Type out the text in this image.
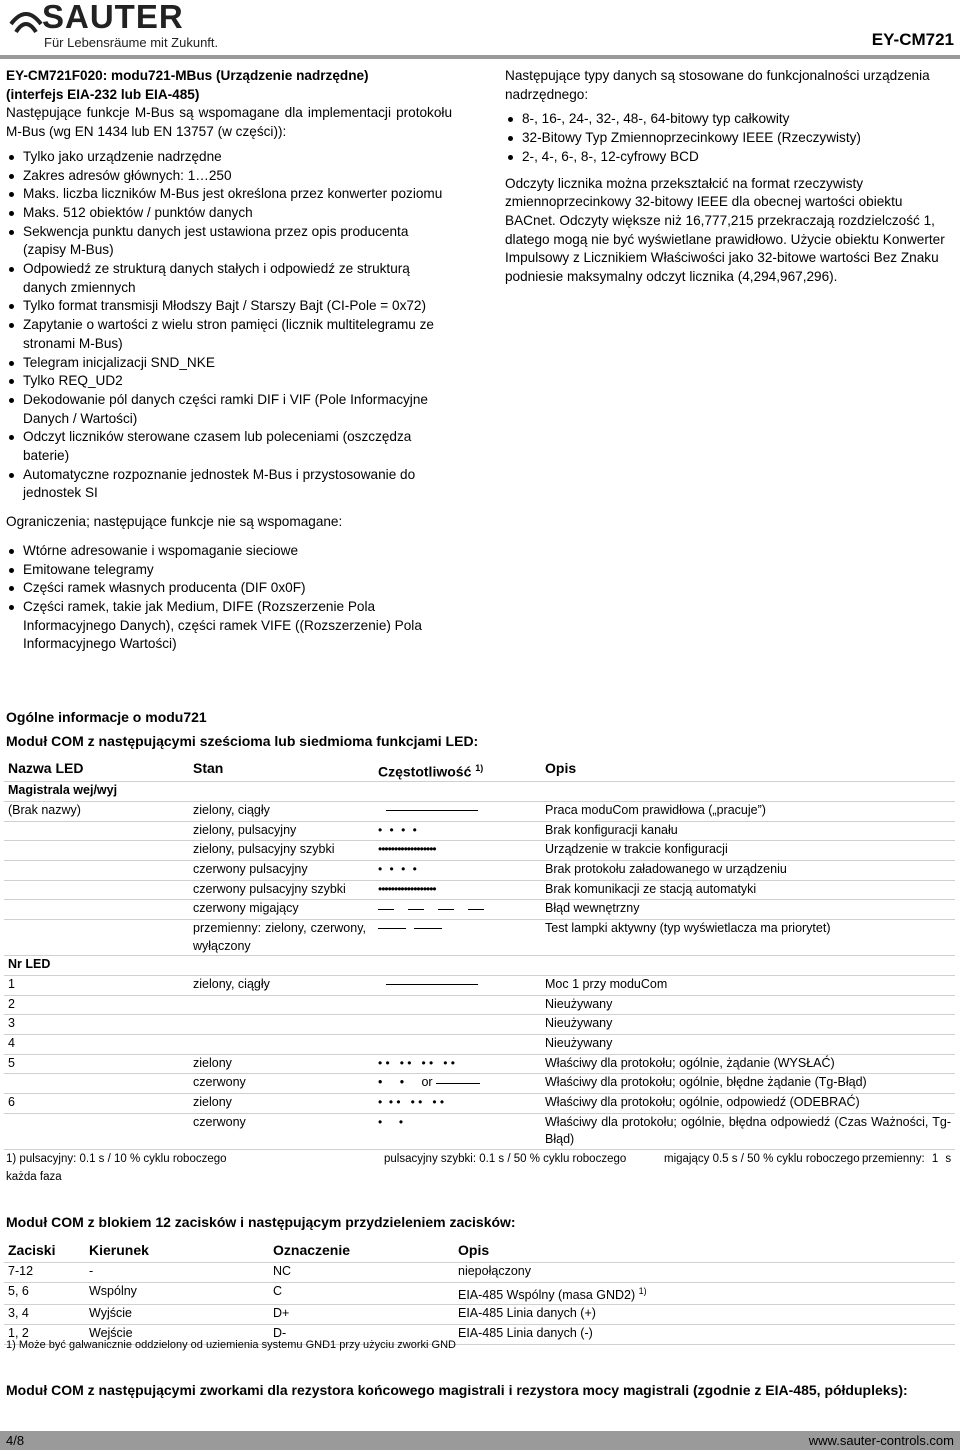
SAUTER
Für Lebensräume mit Zukunft.	EY-CM721

EY-CM721F020: modu721-MBus (Urządzenie nadrzędne)

(interfejs EIA-232 lub EIA-485)

Następujące funkcje M-Bus są wspomagane dla implementacji protokołu M-Bus (wg EN 1434 lub EN 13757 (w części)):

Tylko jako urządzenie nadrzędne
Zakres adresów głównych: 1…250
Maks. liczba liczników M-Bus jest określona przez konwerter poziomu
Maks. 512 obiektów / punktów danych
Sekwencja punktu danych jest ustawiona przez opis producenta (zapisy M-Bus)
Odpowiedź ze strukturą danych stałych i odpowiedź ze strukturą danych zmiennych
Tylko format transmisji Młodszy Bajt / Starszy Bajt (CI-Pole = 0x72)
Zapytanie o wartości z wielu stron pamięci (licznik multitelegramu ze stronami M-Bus)
Telegram inicjalizacji SND_NKE
Tylko REQ_UD2
Dekodowanie pól danych części ramki DIF i VIF (Pole Informacyjne Danych / Wartości)
Odczyt liczników sterowane czasem lub poleceniami (oszczędza baterie)
Automatyczne rozpoznanie jednostek M-Bus i przystosowanie do jednostek SI

Ograniczenia; następujące funkcje nie są wspomagane:

Wtórne adresowanie i wspomaganie sieciowe
Emitowane telegramy
Części ramek własnych producenta (DIF 0x0F)
Części ramek, takie jak Medium, DIFE (Rozszerzenie Pola Informacyjnego Danych), części ramek VIFE ((Rozszerzenie) Pola Informacyjnego Wartości)

Następujące typy danych są stosowane do funkcjonalności urządzenia nadrzędnego:

8-, 16-, 24-, 32-, 48-, 64-bitowy typ całkowity
32-Bitowy Typ Zmiennoprzecinkowy IEEE (Rzeczywisty)
2-, 4-, 6-, 8-, 12-cyfrowy BCD

Odczyty licznika można przekształcić na format rzeczywisty zmiennoprzecinkowy 32-bitowy IEEE dla obecnej wartości obiektu BACnet. Odczyty większe niż 16,777,215 przekraczają rozdzielczość 1, dlatego mogą nie być wyświetlane prawidłowo. Użycie obiektu Konwerter Impulsowy z Licznikiem Właściwości jako 32-bitowe wartości Bez Znaku podniesie maksymalny odczyt licznika (4,294,967,296).

Ogólne informacje o modu721
Moduł COM z następującymi sześcioma lub siedmioma funkcjami LED:
Nazwa LED	Stan	Częstotliwość $^{1)}$	Opis
Magistrala wej/wyj			
(Brak nazwy)	zielony, ciągły		Praca moduCom prawidłowa („pracuje”)
	zielony, pulsacyjny	• • • •	Brak konfiguracji kanału
	zielony, pulsacyjny szybki	••••••••••••••••••	Urządzenie w trakcie konfiguracji
	czerwony pulsacyjny	• • • •	Brak protokołu załadowanego w urządzeniu
	czerwony pulsacyjny szybki	••••••••••••••••••	Brak komunikacji ze stacją automatyki
	czerwony migający		Błąd wewnętrzny
	przemienny: zielony, czerwony, wyłączony		Test lampki aktywny (typ wyświetlacza ma priorytet)
Nr LED			
1	zielony, ciągły		Moc 1 przy moduCom
2			Nieużywany
3			Nieużywany
4			Nieużywany
5	zielony	• •   • •   • •   • •	Właściwy dla protokołu; ogólnie, żądanie (WYSŁAĆ)
	czerwony	•     •     or	Właściwy dla protokołu; ogólnie, błędne żądanie (Tg-Błąd)
6	zielony	•  • •   • •   • •	Właściwy dla protokołu; ogólnie, odpowiedź (ODEBRAĆ)
	czerwony	•     •	Właściwy dla protokołu; ogólnie, błędna odpowiedź (Czas Ważności, Tg-Błąd)
1) pulsacyjny: 0.1 s / 10 % cyklu roboczego	pulsacyjny szybki: 0.1 s / 50 % cyklu roboczego	migający 0.5 s / 50 % cyklu roboczego przemienny: 1 s
każda faza
Moduł COM z blokiem 12 zacisków i następującym przydzieleniem zacisków:
Zaciski	Kierunek	Oznaczenie	Opis
7-12	-	NC	niepołączony
5, 6	Wspólny	C	EIA-485 Wspólny (masa GND2) $^{1)}$
3, 4	Wyjście	D+	EIA-485 Linia danych (+)
1, 2	Wejście	D-	EIA-485 Linia danych (-)
1) Może być galwanicznie oddzielony od uziemienia systemu GND1 przy użyciu zworki GND
Moduł COM z następującymi zworkami dla rezystora końcowego magistrali i rezystora mocy magistrali (zgodnie z EIA-485, półdupleks):
4/8	www.sauter-controls.com
